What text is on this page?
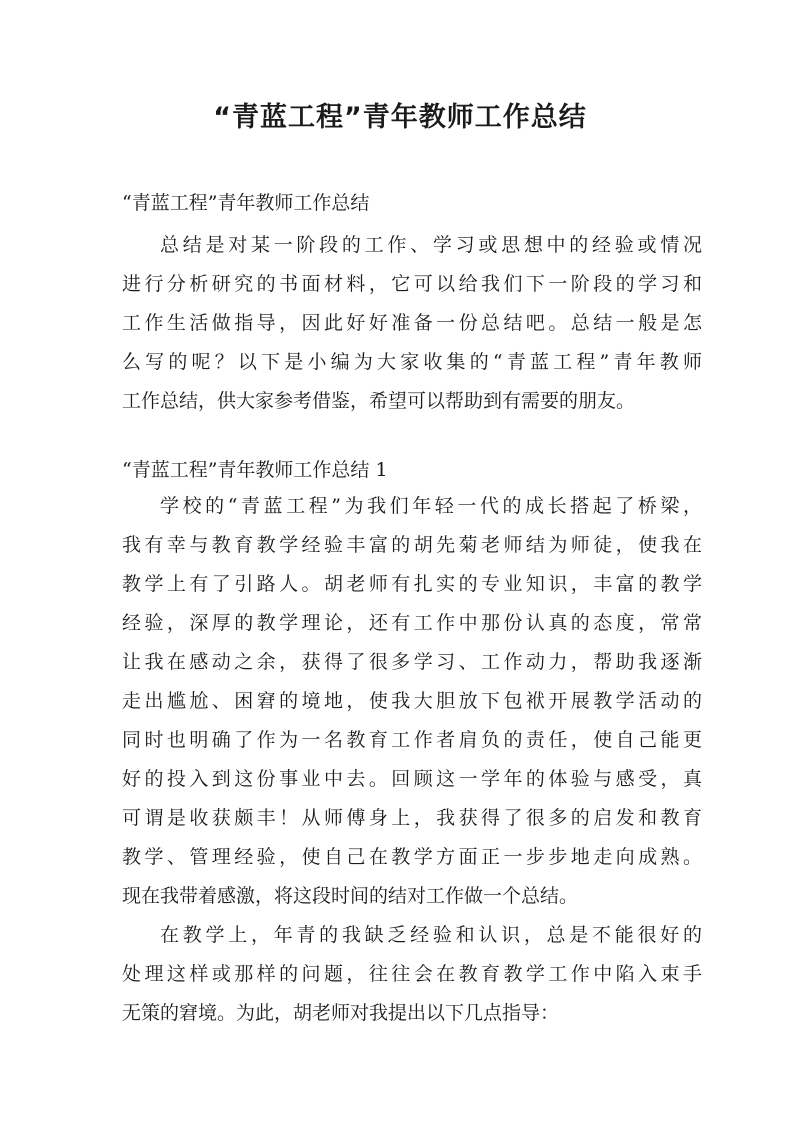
“青蓝工程”青年教师工作总结

“青蓝工程”青年教师工作总结

总结是对某一阶段的工作、学习或思想中的经验或情况
进行分析研究的书面材料，它可以给我们下一阶段的学习和
工作生活做指导，因此好好准备一份总结吧。总结一般是怎
么写的呢？以下是小编为大家收集的“青蓝工程”青年教师
工作总结，供大家参考借鉴，希望可以帮助到有需要的朋友。

“青蓝工程”青年教师工作总结 1

学校的“青蓝工程”为我们年轻一代的成长搭起了桥梁，
我有幸与教育教学经验丰富的胡先菊老师结为师徒，使我在
教学上有了引路人。胡老师有扎实的专业知识，丰富的教学
经验，深厚的教学理论，还有工作中那份认真的态度，常常
让我在感动之余，获得了很多学习、工作动力，帮助我逐渐
走出尴尬、困窘的境地，使我大胆放下包袱开展教学活动的
同时也明确了作为一名教育工作者肩负的责任，使自己能更
好的投入到这份事业中去。回顾这一学年的体验与感受，真
可谓是收获颇丰！从师傅身上，我获得了很多的启发和教育
教学、管理经验，使自己在教学方面正一步步地走向成熟。
现在我带着感激，将这段时间的结对工作做一个总结。

在教学上，年青的我缺乏经验和认识，总是不能很好的
处理这样或那样的问题，往往会在教育教学工作中陷入束手
无策的窘境。为此，胡老师对我提出以下几点指导：
